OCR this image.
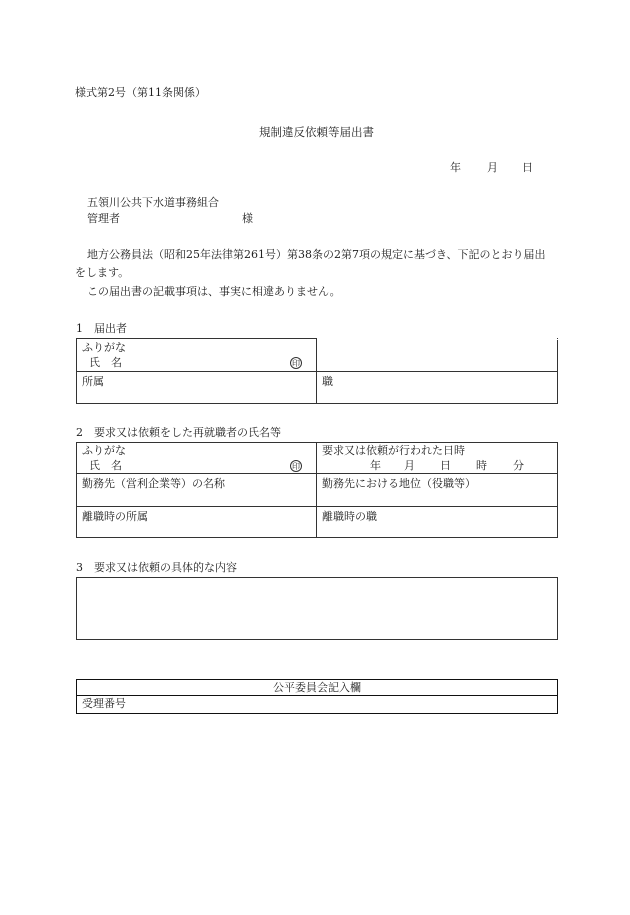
様式第2号（第11条関係）
規制違反依頼等届出書
年 月 日
五領川公共下水道事務組合
管理者	様
地方公務員法（昭和25年法律第261号）第38条の2第7項の規定に基づき、下記のとおり届出
をします。
この届出書の記載事項は、事実に相違ありません。
1　届出者
ふりがな
氏　名	印
所属	職
2　要求又は依頼をした再就職者の氏名等
ふりがな
氏　名	印
要求又は依頼が行われた日時
年 月 日 時 分
勤務先（営利企業等）の名称	勤務先における地位（役職等）
離職時の所属	離職時の職
3　要求又は依頼の具体的な内容
公平委員会記入欄
受理番号
